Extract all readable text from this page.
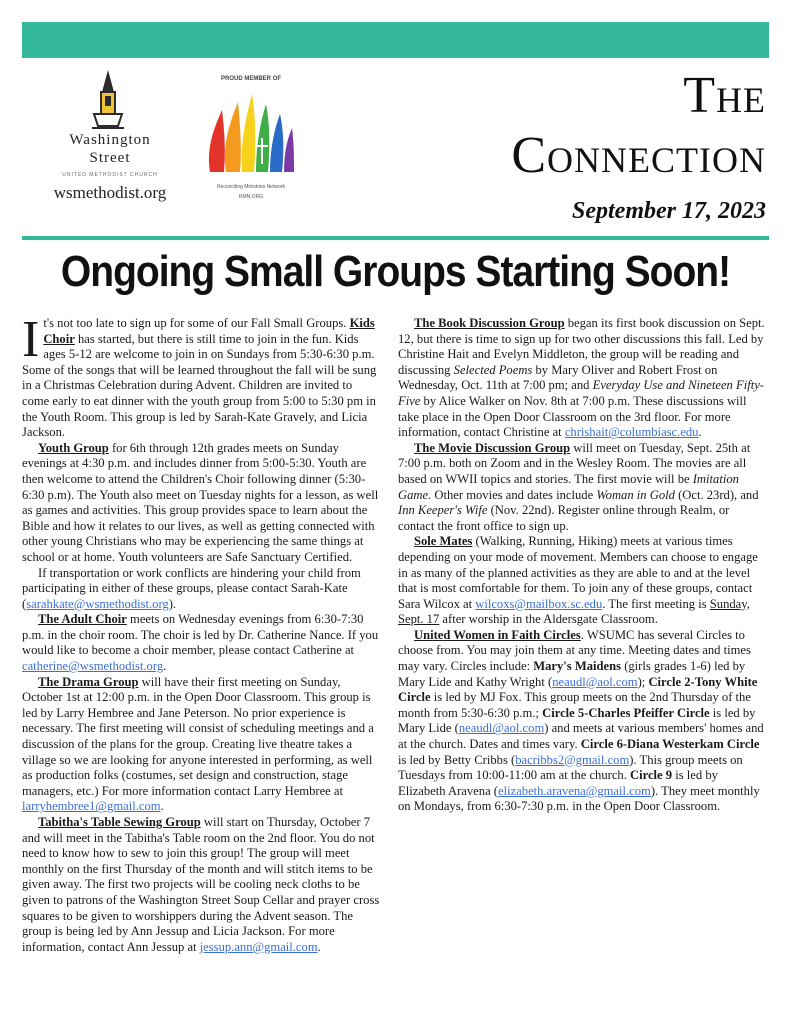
Washington
Street
UNITED METHODIST CHURCH
wsmethodist.org
PROUD MEMBER OF
Reconciling Ministries Network
RMN.ORG
The
Connection
September 17, 2023
Ongoing Small Groups Starting Soon!

It's not too late to sign up for some of our Fall Small Groups. Kids Choir has started, but there is still time to join in the fun. Kids ages 5-12 are welcome to join in on Sundays from 5:30-6:30 p.m. Some of the songs that will be learned throughout the fall will be sung in a Christmas Celebration during Advent. Children are invited to come early to eat dinner with the youth group from 5:00 to 5:30 pm in the Youth Room. This group is led by Sarah-Kate Gravely, and Licia Jackson.

Youth Group for 6th through 12th grades meets on Sunday evenings at 4:30 p.m. and includes dinner from 5:00-5:30. Youth are then welcome to attend the Children's Choir following dinner (5:30-6:30 p.m). The Youth also meet on Tuesday nights for a lesson, as well as games and activities. This group provides space to learn about the Bible and how it relates to our lives, as well as getting connected with other young Christians who may be experiencing the same things at school or at home. Youth volunteers are Safe Sanctuary Certified.

If transportation or work conflicts are hindering your child from participating in either of these groups, please contact Sarah-Kate (sarahkate@wsmethodist.org).

The Adult Choir meets on Wednesday evenings from 6:30-7:30 p.m. in the choir room. The choir is led by Dr. Catherine Nance. If you would like to become a choir member, please contact Catherine at catherine@wsmethodist.org.

The Drama Group will have their first meeting on Sunday, October 1st at 12:00 p.m. in the Open Door Classroom. This group is led by Larry Hembree and Jane Peterson. No prior experience is necessary. The first meeting will consist of scheduling meetings and a discussion of the plans for the group. Creating live theatre takes a village so we are looking for anyone interested in performing, as well as production folks (costumes, set design and construction, stage managers, etc.) For more information contact Larry Hembree at larryhembree1@gmail.com.

Tabitha's Table Sewing Group will start on Thursday, October 7 and will meet in the Tabitha's Table room on the 2nd floor. You do not need to know how to sew to join this group! The group will meet monthly on the first Thursday of the month and will stitch items to be given away. The first two projects will be cooling neck cloths to be given to patrons of the Washington Street Soup Cellar and prayer cross squares to be given to worshippers during the Advent season. The group is being led by Ann Jessup and Licia Jackson. For more information, contact Ann Jessup at jessup.ann@gmail.com.

The Book Discussion Group began its first book discussion on Sept. 12, but there is time to sign up for two other discussions this fall. Led by Christine Hait and Evelyn Middleton, the group will be reading and discussing Selected Poems by Mary Oliver and Robert Frost on Wednesday, Oct. 11th at 7:00 pm; and Everyday Use and Nineteen Fifty-Five by Alice Walker on Nov. 8th at 7:00 p.m. These discussions will take place in the Open Door Classroom on the 3rd floor. For more information, contact Christine at chrishait@columbiasc.edu.

The Movie Discussion Group will meet on Tuesday, Sept. 25th at 7:00 p.m. both on Zoom and in the Wesley Room. The movies are all based on WWII topics and stories. The first movie will be Imitation Game. Other movies and dates include Woman in Gold (Oct. 23rd), and Inn Keeper's Wife (Nov. 22nd). Register online through Realm, or contact the front office to sign up.

Sole Mates (Walking, Running, Hiking) meets at various times depending on your mode of movement. Members can choose to engage in as many of the planned activities as they are able to and at the level that is most comfortable for them. To join any of these groups, contact Sara Wilcox at wilcoxs@mailbox.sc.edu. The first meeting is Sunday, Sept. 17 after worship in the Aldersgate Classroom.

United Women in Faith Circles. WSUMC has several Circles to choose from. You may join them at any time. Meeting dates and times may vary. Circles include: Mary's Maidens (girls grades 1-6) led by Mary Lide and Kathy Wright (neaudl@aol.com); Circle 2-Tony White Circle is led by MJ Fox. This group meets on the 2nd Thursday of the month from 5:30-6:30 p.m.; Circle 5-Charles Pfeiffer Circle is led by Mary Lide (neaudl@aol.com) and meets at various members' homes and at the church. Dates and times vary. Circle 6-Diana Westerkam Circle is led by Betty Cribbs (bacribbs2@gmail.com). This group meets on Tuesdays from 10:00-11:00 am at the church. Circle 9 is led by Elizabeth Aravena (elizabeth.aravena@gmail.com). They meet monthly on Mondays, from 6:30-7:30 p.m. in the Open Door Classroom.
